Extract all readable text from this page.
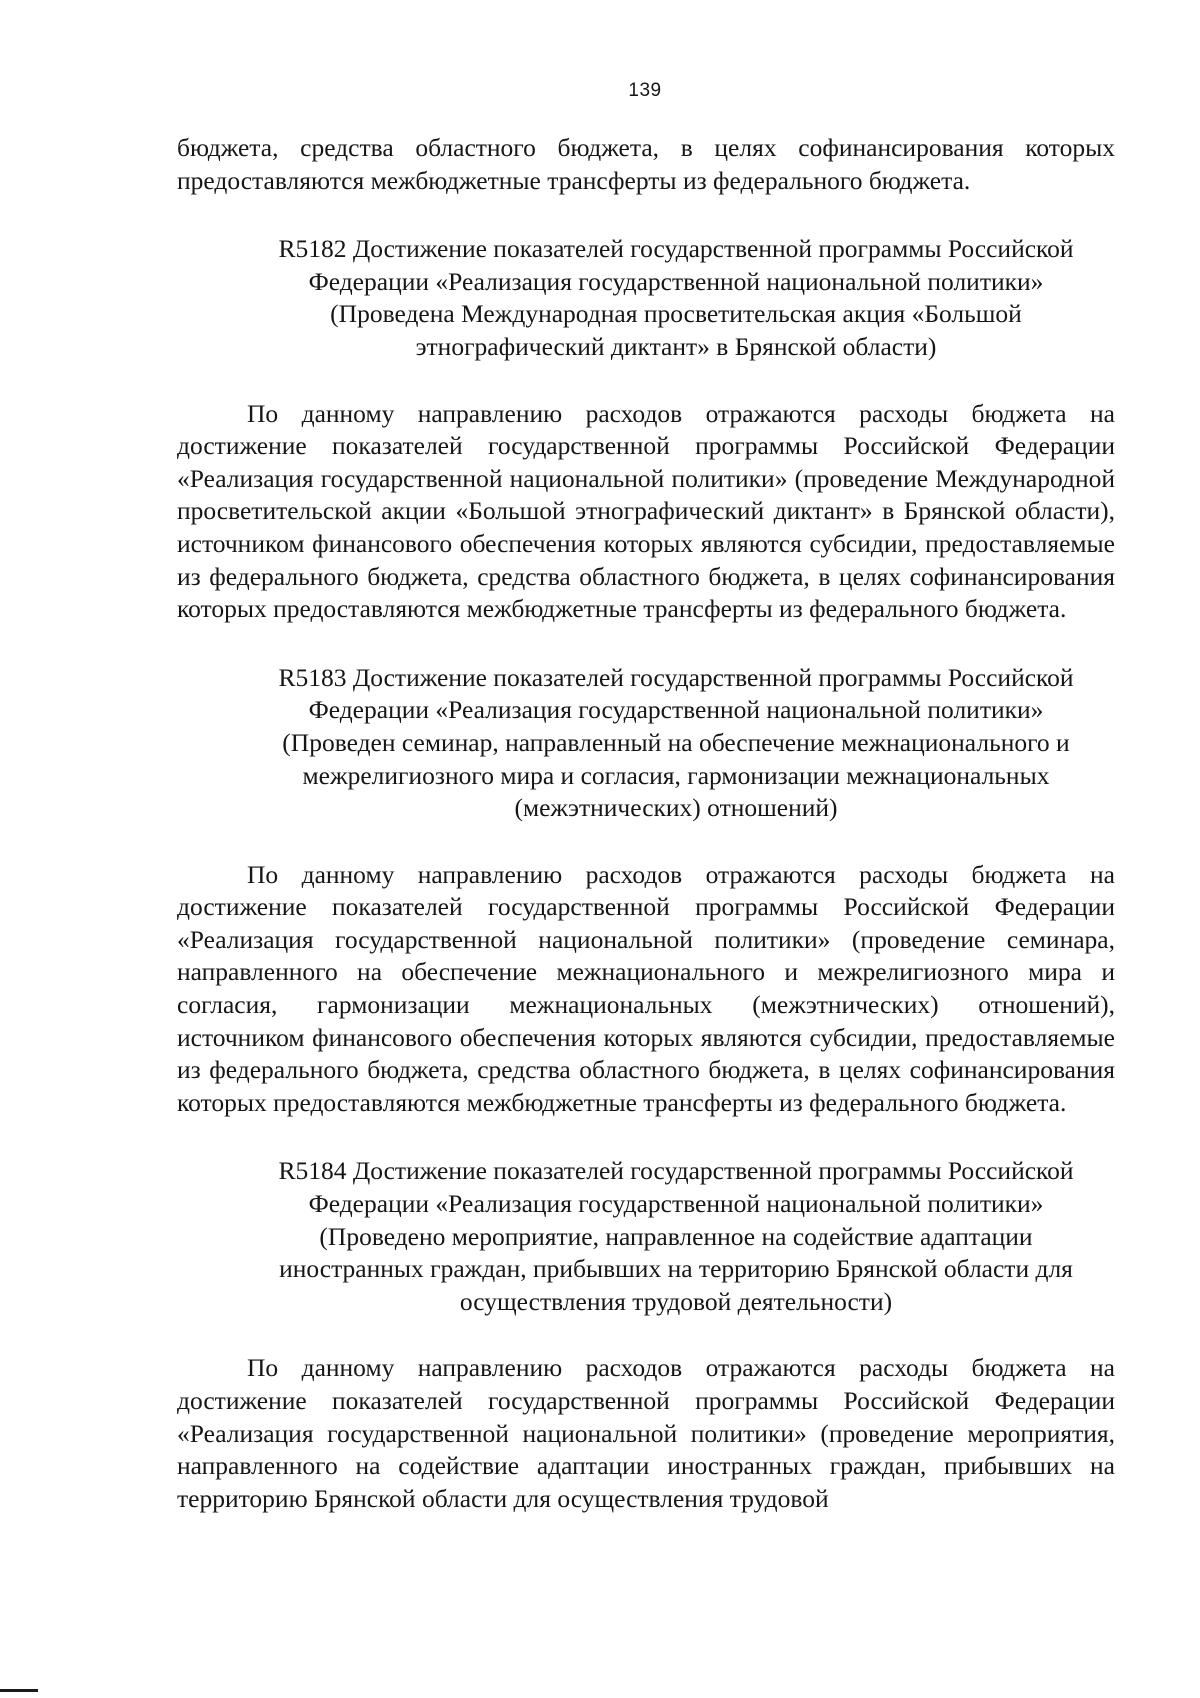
139

бюджета, средства областного бюджета, в целях софинансирования которых предоставляются межбюджетные трансферты из федерального бюджета.

R5182 Достижение показателей государственной программы Российской Федерации «Реализация государственной национальной политики» (Проведена Международная просветительская акция «Большой этнографический диктант» в Брянской области)

По данному направлению расходов отражаются расходы бюджета на достижение показателей государственной программы Российской Федерации «Реализация государственной национальной политики» (проведение Международной просветительской акции «Большой этнографический диктант» в Брянской области), источником финансового обеспечения которых являются субсидии, предоставляемые из федерального бюджета, средства областного бюджета, в целях софинансирования которых предоставляются межбюджетные трансферты из федерального бюджета.

R5183 Достижение показателей государственной программы Российской Федерации «Реализация государственной национальной политики» (Проведен семинар, направленный на обеспечение межнационального и межрелигиозного мира и согласия, гармонизации межнациональных (межэтнических) отношений)

По данному направлению расходов отражаются расходы бюджета на достижение показателей государственной программы Российской Федерации «Реализация государственной национальной политики» (проведение семинара, направленного на обеспечение межнационального и межрелигиозного мира и согласия, гармонизации межнациональных (межэтнических) отношений), источником финансового обеспечения которых являются субсидии, предоставляемые из федерального бюджета, средства областного бюджета, в целях софинансирования которых предоставляются межбюджетные трансферты из федерального бюджета.

R5184 Достижение показателей государственной программы Российской Федерации «Реализация государственной национальной политики» (Проведено мероприятие, направленное на содействие адаптации иностранных граждан, прибывших на территорию Брянской области для осуществления трудовой деятельности)

По данному направлению расходов отражаются расходы бюджета на достижение показателей государственной программы Российской Федерации «Реализация государственной национальной политики» (проведение мероприятия, направленного на содействие адаптации иностранных граждан, прибывших на территорию Брянской области для осуществления трудовой
